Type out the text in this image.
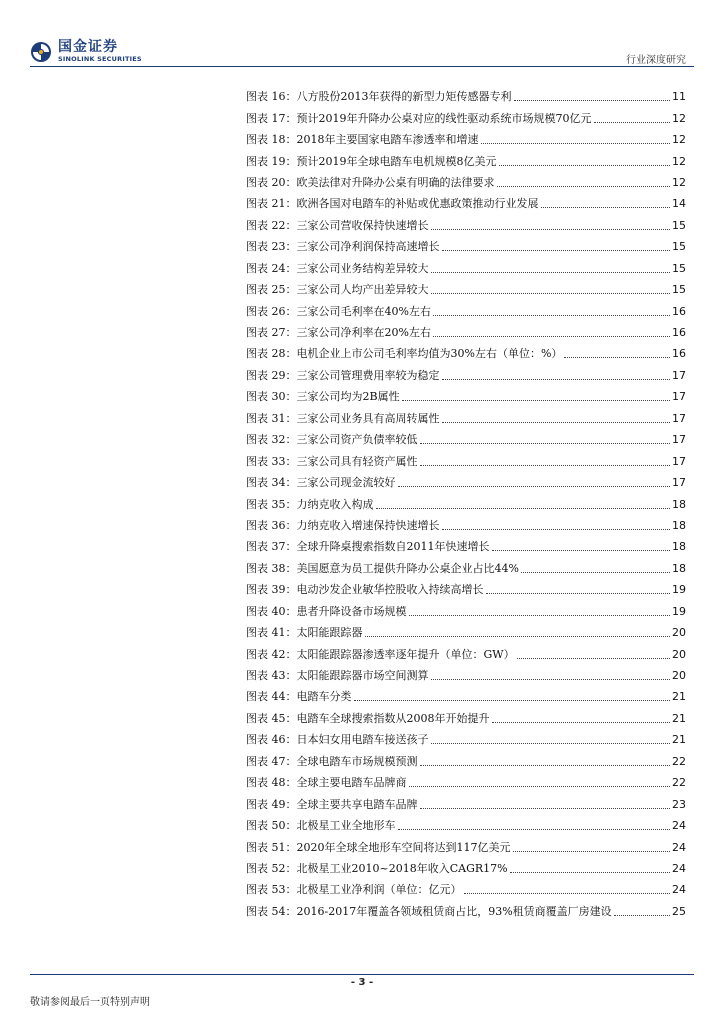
国金证券
SINOLINK SECURITIES	行业深度研究
图表 16： 八方股份2013年获得的新型力矩传感器专利	11
图表 17： 预计2019年升降办公桌对应的线性驱动系统市场规模70亿元	12
图表 18： 2018年主要国家电踏车渗透率和增速	12
图表 19： 预计2019年全球电踏车电机规模8亿美元	12
图表 20： 欧美法律对升降办公桌有明确的法律要求	12
图表 21： 欧洲各国对电踏车的补贴或优惠政策推动行业发展	14
图表 22： 三家公司营收保持快速增长	15
图表 23： 三家公司净利润保持高速增长	15
图表 24： 三家公司业务结构差异较大	15
图表 25： 三家公司人均产出差异较大	15
图表 26： 三家公司毛利率在40%左右	16
图表 27： 三家公司净利率在20%左右	16
图表 28： 电机企业上市公司毛利率均值为30%左右（单位：%）	16
图表 29： 三家公司管理费用率较为稳定	17
图表 30： 三家公司均为2B属性	17
图表 31： 三家公司业务具有高周转属性	17
图表 32： 三家公司资产负债率较低	17
图表 33： 三家公司具有轻资产属性	17
图表 34： 三家公司现金流较好	17
图表 35： 力纳克收入构成	18
图表 36： 力纳克收入增速保持快速增长	18
图表 37： 全球升降桌搜索指数自2011年快速增长	18
图表 38： 美国愿意为员工提供升降办公桌企业占比44%	18
图表 39： 电动沙发企业敏华控股收入持续高增长	19
图表 40： 患者升降设备市场规模	19
图表 41： 太阳能跟踪器	20
图表 42： 太阳能跟踪器渗透率逐年提升（单位：GW）	20
图表 43： 太阳能跟踪器市场空间测算	20
图表 44： 电踏车分类	21
图表 45： 电踏车全球搜索指数从2008年开始提升	21
图表 46： 日本妇女用电踏车接送孩子	21
图表 47： 全球电踏车市场规模预测	22
图表 48： 全球主要电踏车品牌商	22
图表 49： 全球主要共享电踏车品牌	23
图表 50： 北极星工业全地形车	24
图表 51： 2020年全球全地形车空间将达到117亿美元	24
图表 52： 北极星工业2010~2018年收入CAGR17%	24
图表 53： 北极星工业净利润（单位：亿元）	24
图表 54： 2016-2017年覆盖各领域租赁商占比，93%租赁商覆盖厂房建设	25
- 3 -
敬请参阅最后一页特别声明
